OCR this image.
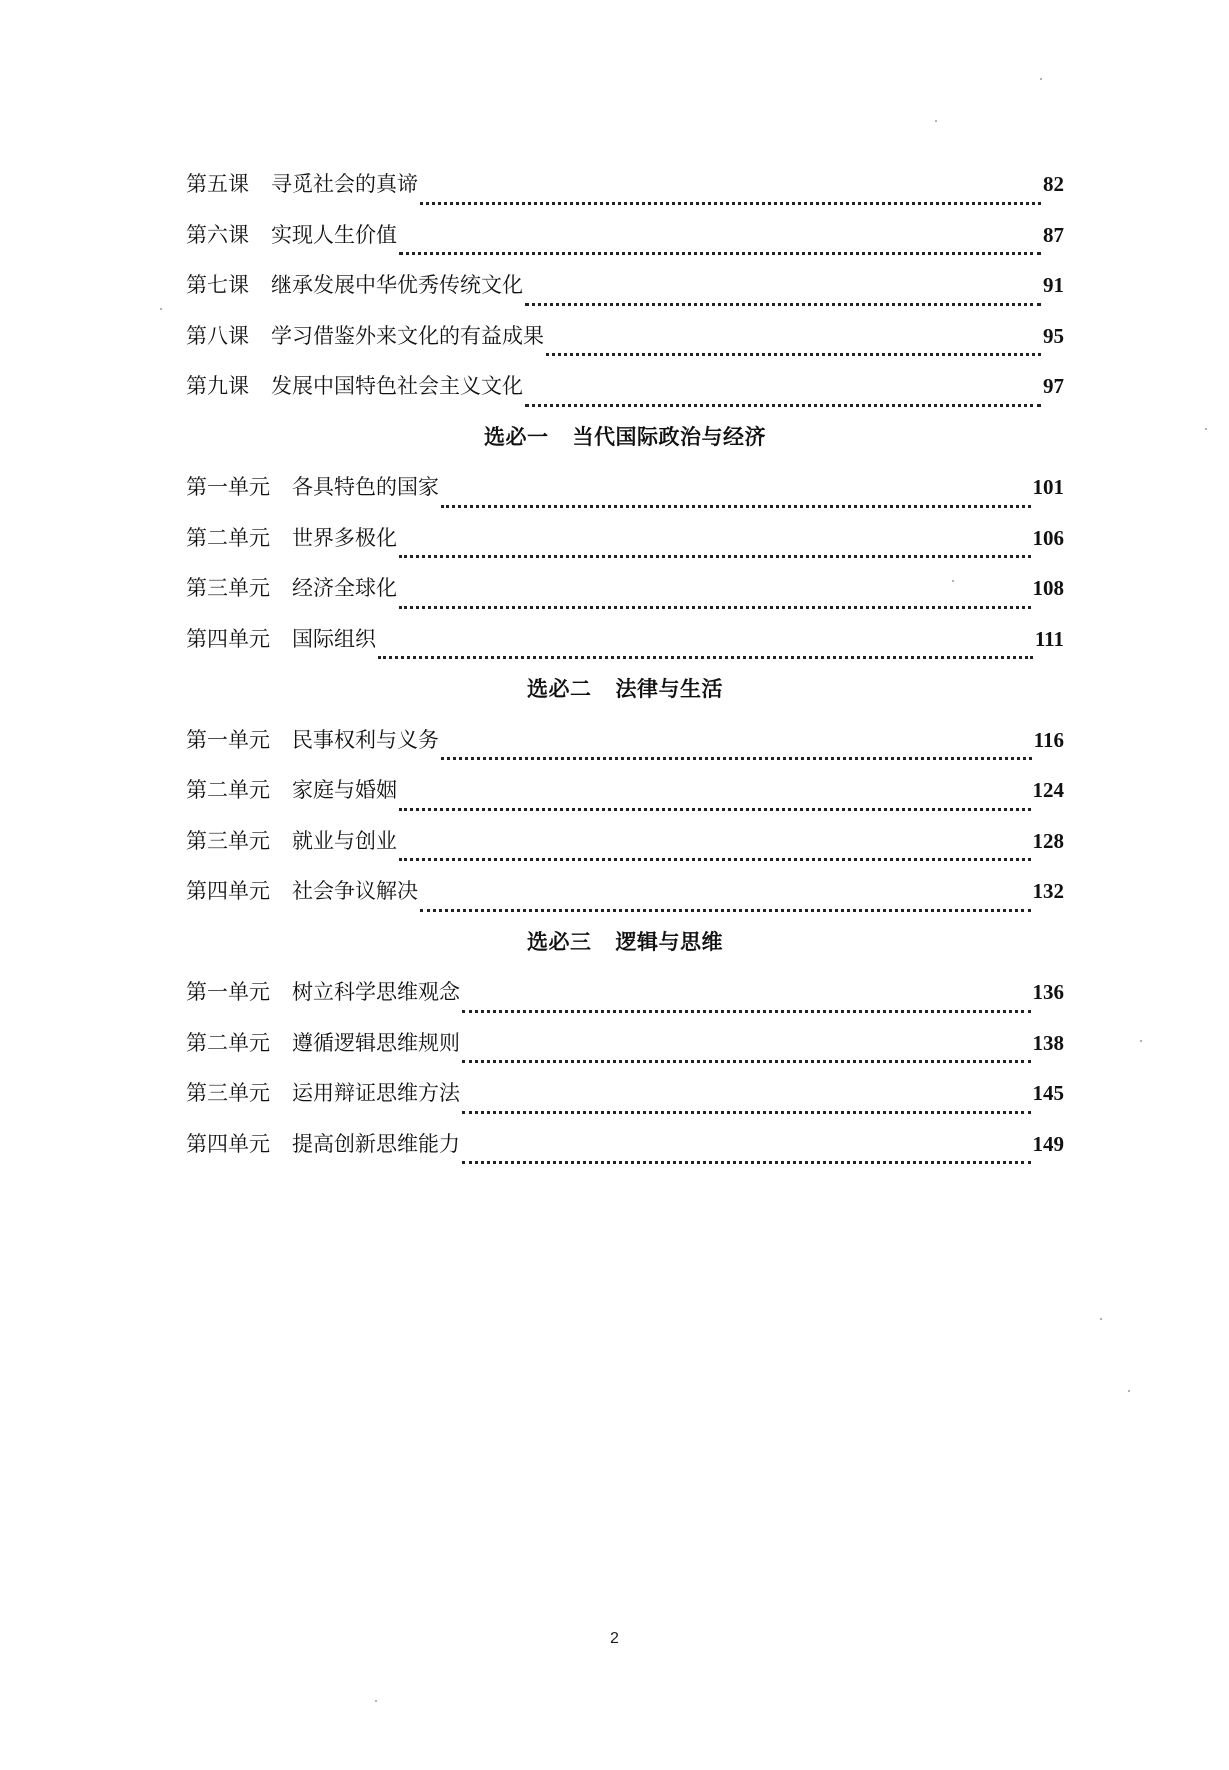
第五课 寻觅社会的真谛	82
第六课 实现人生价值	87
第七课 继承发展中华优秀传统文化	91
第八课 学习借鉴外来文化的有益成果	95
第九课 发展中国特色社会主义文化	97
选必一 当代国际政治与经济
第一单元 各具特色的国家	101
第二单元 世界多极化	106
第三单元 经济全球化	108
第四单元 国际组织	111
选必二 法律与生活
第一单元 民事权利与义务	116
第二单元 家庭与婚姻	124
第三单元 就业与创业	128
第四单元 社会争议解决	132
选必三 逻辑与思维
第一单元 树立科学思维观念	136
第二单元 遵循逻辑思维规则	138
第三单元 运用辩证思维方法	145
第四单元 提高创新思维能力	149
2
